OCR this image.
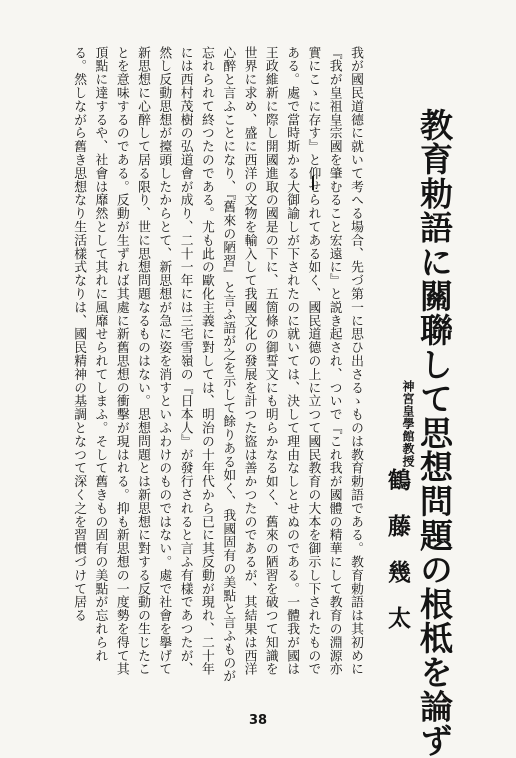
教育勅語に關聯して思想問題の根柢を論ず
神宮皇學館教授
鶴藤幾太

我が國民道德に就いて考へる場合、先づ第一に思ひ出さるゝものは教育勅語である。教育勅語は其初めに『我が皇祖皇宗國を肇むること宏遠に』と説き起され、ついで『これ我が國體の精華にして教育の淵源亦實にこゝに存す』と仰せられてある如く、國民道德の上に立つて國民教育の大本を御示し下されたものである。處で當時斯かる大御諭しが下されたのに就いては、決して理由なしとせぬのである。一體我が國は王政維新に際し開國進取の國是の下に、五箇條の御誓文にも明らかなる如く、舊來の陋習を破つて知識を世界に求め、盛に西洋の文物を輸入して我國文化の發展を計つた盜は善かつたのであるが、其結果は西洋心醉と言ふことになり、『舊來の陋習』と言ふ語が之を示して餘りある如く、我國固有の美點と言ふものが忘れられて終つたのである。尤も此の歐化主義に對しては、明治の十年代から已に其反動が現れ、二十年には西村茂樹の弘道會が成り、二十一年には三宅雪嶺の『日本人』が發行されると言ふ有樣であつたが、然し反動思想が擡頭したからとて、新思想が急に姿を消すといふわけのものではない。處で社會を擧げて新思想に心醉して居る限り、世に思想問題なるものはない。思想問題とは新思想に對する反動の生じたことを意味するのである。反動が生ずれば其處に新舊思想の衝擊が現はれる。抑も新思想の一度勢を得て其頂點に達するや、社會は靡然として其れに風靡せられてしまふ。そして舊きもの固有の美點が忘れられる。然しながら舊き思想なり生活樣式なりは、國民精神の基調となつて深く之を習慣づけて居る

38
